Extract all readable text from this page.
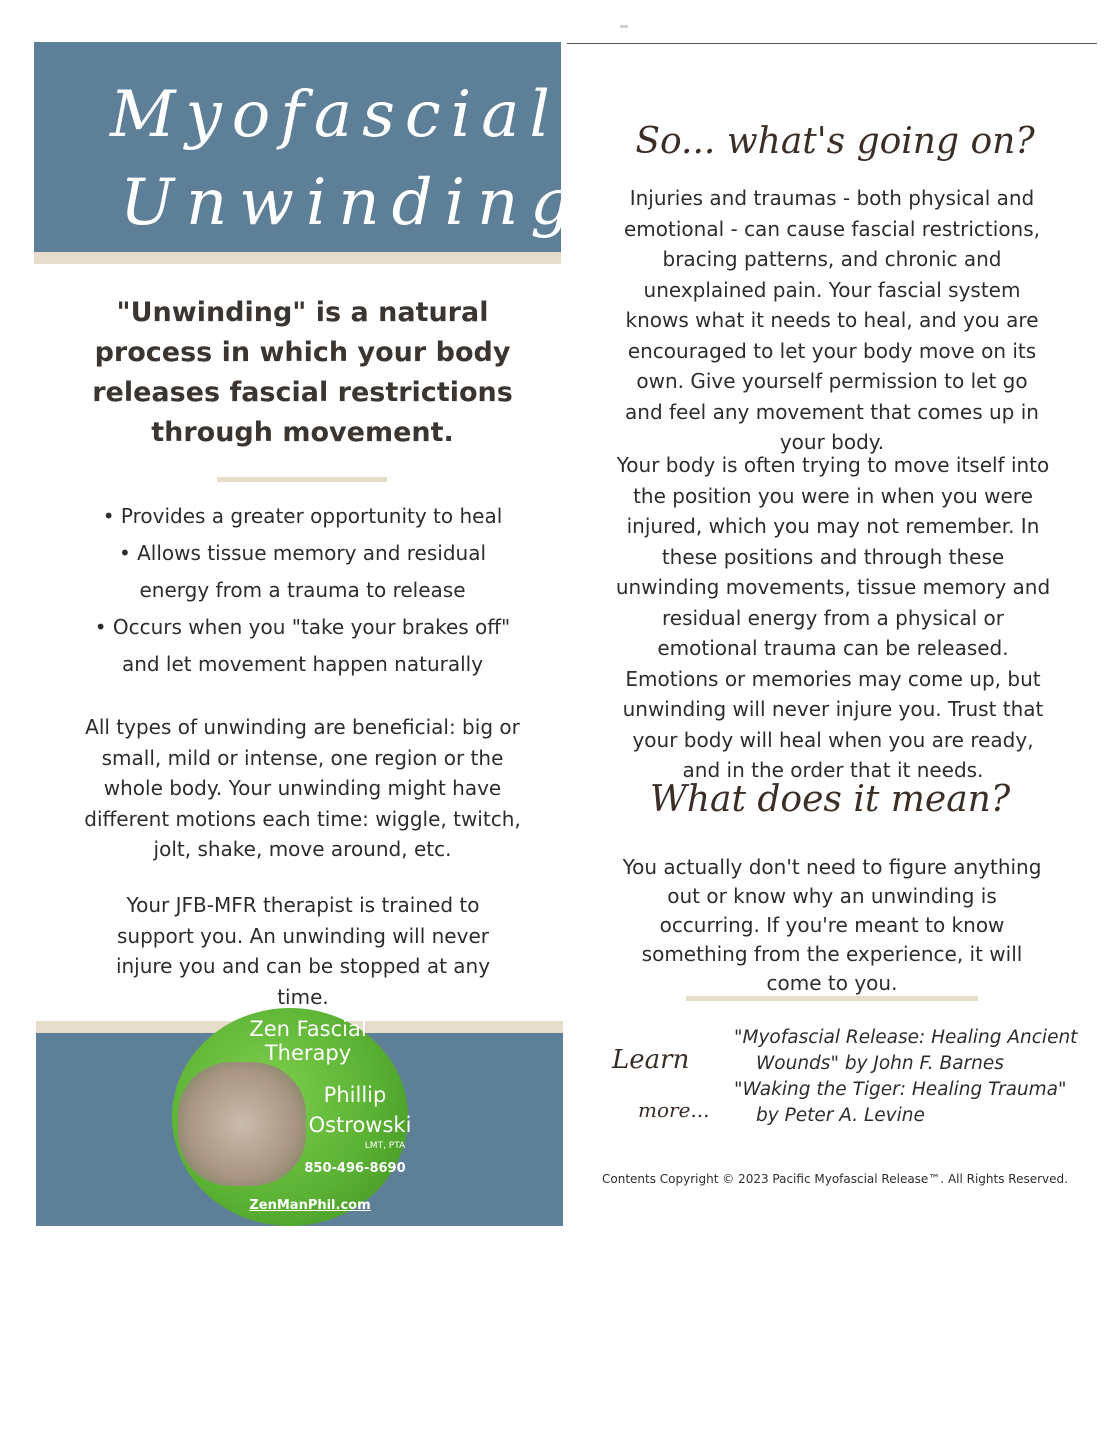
Myofascial
Unwinding
"Unwinding" is a natural process in which your body releases fascial restrictions through movement.
• Provides a greater opportunity to heal
• Allows tissue memory and residual
energy from a trauma to release
• Occurs when you "take your brakes off"
and let movement happen naturally
All types of unwinding are beneficial: big or small, mild or intense, one region or the whole body. Your unwinding might have different motions each time: wiggle, twitch, jolt, shake, move around, etc.
Your JFB-MFR therapist is trained to support you. An unwinding will never injure you and can be stopped at any time.
Zen Fascial
Therapy
Phillip
Ostrowski
LMT, PTA
850-496-8690
ZenManPhil.com
So... what's going on?
Injuries and traumas - both physical and emotional - can cause fascial restrictions, bracing patterns, and chronic and unexplained pain. Your fascial system knows what it needs to heal, and you are encouraged to let your body move on its own. Give yourself permission to let go and feel any movement that comes up in your body.
Your body is often trying to move itself into the position you were in when you were injured, which you may not remember. In these positions and through these unwinding movements, tissue memory and residual energy from a physical or emotional trauma can be released. Emotions or memories may come up, but unwinding will never injure you. Trust that your body will heal when you are ready, and in the order that it needs.
What does it mean?
You actually don't need to figure anything out or know why an unwinding is occurring. If you're meant to know something from the experience, it will come to you.
Learn
more...
"Myofascial Release: Healing Ancient
Wounds" by John F. Barnes
"Waking the Tiger: Healing Trauma"
by Peter A. Levine
Contents Copyright © 2023 Pacific Myofascial Release™. All Rights Reserved.
